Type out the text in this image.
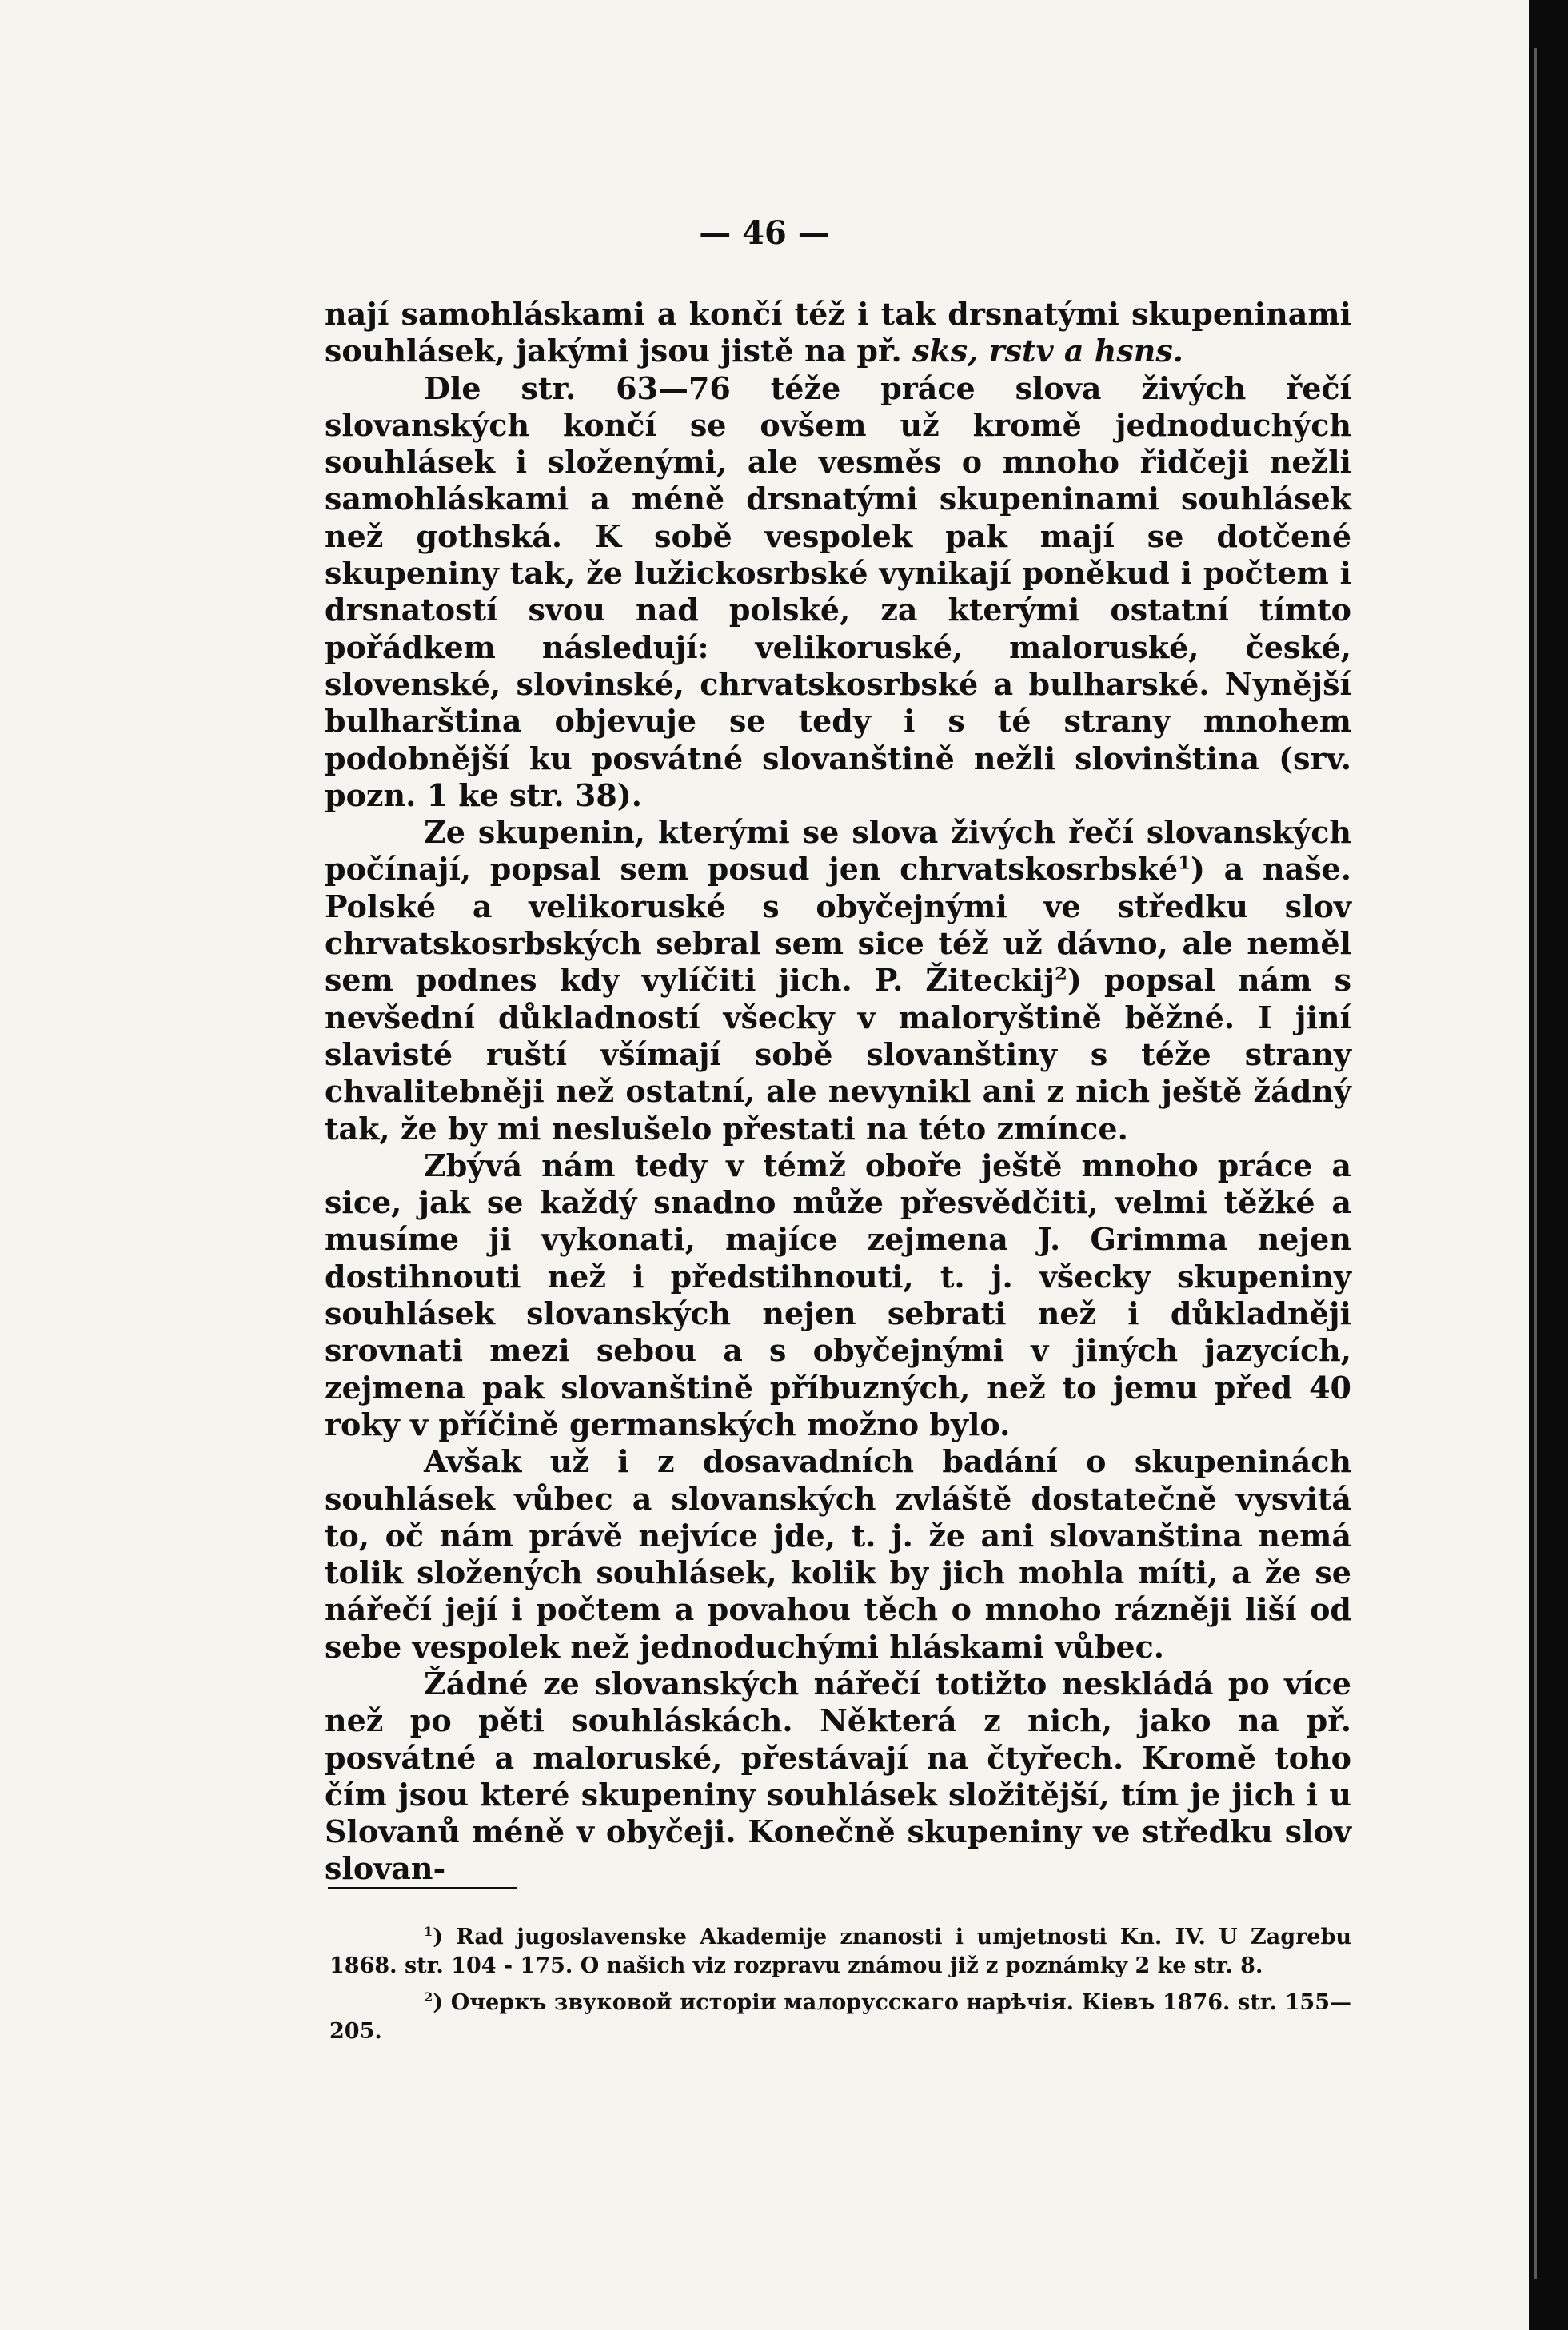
— 46 —

nají samohláskami a končí též i tak drsnatými skupeninami souhlásek, jakými jsou jistě na př. sks, rstv a hsns.

Dle str. 63—76 téže práce slova živých řečí slovanských končí se ovšem už kromě jednoduchých souhlásek i složenými, ale vesměs o mnoho řidčeji nežli samohláskami a méně drsnatými skupeninami souhlásek než gothská. K sobě vespolek pak mají se dotčené skupeniny tak, že lužickosrbské vynikají poněkud i počtem i drsnatostí svou nad polské, za kterými ostatní tímto pořádkem následují: velikoruské, maloruské, české, slovenské, slovinské, chrvatskosrbské a bulharské. Nynější bulharština objevuje se tedy i s té strany mnohem podobnější ku posvátné slovanštině nežli slovinština (srv. pozn. 1 ke str. 38).

Ze skupenin, kterými se slova živých řečí slovanských počínají, popsal sem posud jen chrvatskosrbské$^1$) a naše. Polské a velikoruské s obyčejnými ve středku slov chrvatskosrbských sebral sem sice též už dávno, ale neměl sem podnes kdy vylíčiti jich. P. Žiteckij$^2$) popsal nám s nevšední důkladností všecky v malorуštině běžné. I jiní slavisté ruští všímají sobě slovanštiny s téže strany chvalitebněji než ostatní, ale nevynikl ani z nich ještě žádný tak, že by mi neslušelo přestati na této zmínce.

Zbývá nám tedy v témž oboře ještě mnoho práce a sice, jak se každý snadno může přesvědčiti, velmi těžké a musíme ji vykonati, majíce zejmena J. Grimma nejen dostihnouti než i předstihnouti, t. j. všecky skupeniny souhlásek slovanských nejen sebrati než i důkladněji srovnati mezi sebou a s obyčejnými v jiných jazycích, zejmena pak slovanštině příbuzných, než to jemu před 40 roky v příčině germanských možno bylo.

Avšak už i z dosavadních badání o skupeninách souhlásek vůbec a slovanských zvláště dostatečně vysvitá to, oč nám právě nejvíce jde, t. j. že ani slovanština nemá tolik složených souhlásek, kolik by jich mohla míti, a že se nářečí její i počtem a povahou těch o mnoho rázněji liší od sebe vespolek než jednoduchými hláskami vůbec.

Žádné ze slovanských nářečí totižto neskládá po více než po pěti souhláskách. Některá z nich, jako na př. posvátné a maloruské, přestávají na čtyřech. Kromě toho čím jsou které skupeniny souhlásek složitější, tím je jich i u Slovanů méně v obyčeji. Konečně skupeniny ve středku slov slovan-

$^1$) Rad jugoslavenske Akademije znanosti i umjetnosti Kn. IV. U Zagrebu 1868. str. 104 - 175. O našich viz rozpravu známou již z poznámky 2 ke str. 8.

$^2$) Очеркъ звуковой исторіи малорусскаго нарѣчія. Кіевъ 1876. str. 155—205.
